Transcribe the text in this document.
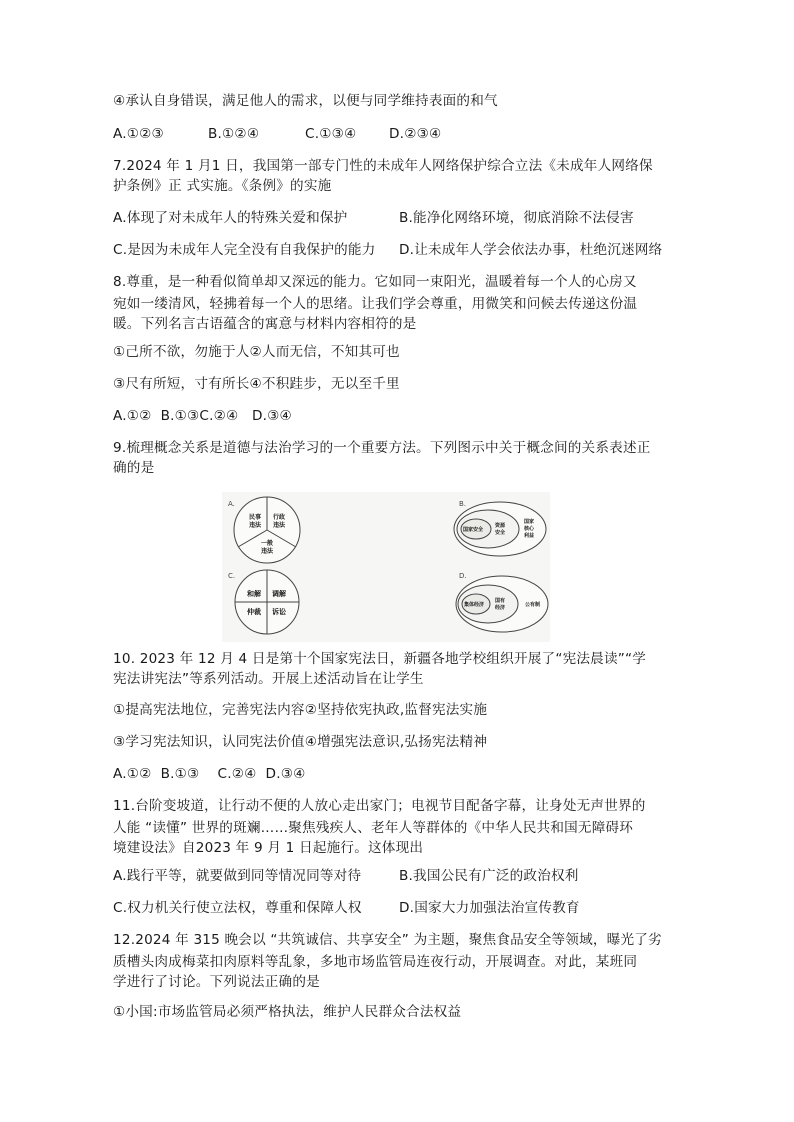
④承认自身错误，满足他人的需求，以便与同学维持表面的和气
A.①②③	B.①②④	C.①③④ D.②③④
7.2024 年 1 月1 日，我国第一部专门性的未成年人网络保护综合立法《未成年人网络保
护条例》正 式实施。《条例》的实施
A.体现了对未成年人的特殊关爱和保护	B.能净化网络环境，彻底消除不法侵害
C.是因为未成年人完全没有自我保护的能力 D.让未成年人学会依法办事，杜绝沉迷网络
8.尊重，是一种看似简单却又深远的能力。它如同一束阳光，温暖着每一个人的心房又
宛如一缕清风，轻拂着每一个人的思绪。让我们学会尊重，用微笑和问候去传递这份温
暖。下列名言古语蕴含的寓意与材料内容相符的是
①己所不欲，勿施于人②人而无信，不知其可也
③尺有所短，寸有所长④不积跬步，无以至千里
A.①②  B.①③C.②④   D.③④
9.梳理概念关系是道德与法治学习的一个重要方法。下列图示中关于概念间的关系表述正
确的是
A.
民事
违法
行政
违法
一般
违法
B.
国家安全
资源
安全
国家
核心
利益
C.
和解 调解
仲裁 诉讼
D.
集体经济
国有
经济	公有制
10. 2023 年 12 月 4 日是第十个国家宪法日，新疆各地学校组织开展了“宪法晨读”“学
宪法讲宪法”等系列活动。开展上述活动旨在让学生
①提高宪法地位，完善宪法内容②坚持依宪执政,监督宪法实施
③学习宪法知识，认同宪法价值④增强宪法意识,弘扬宪法精神
A.①②  B.①③    C.②④  D.③④
11.台阶变坡道，让行动不便的人放心走出家门；电视节目配备字幕，让身处无声世界的
人能 “读懂” 世界的斑斓……聚焦残疾人、老年人等群体的《中华人民共和国无障碍环
境建设法》自2023 年 9 月 1 日起施行。这体现出
A.践行平等，就要做到同等情况同等对待	B.我国公民有广泛的政治权利
C.权力机关行使立法权，尊重和保障人权	D.国家大力加强法治宣传教育
12.2024 年 315 晚会以 “共筑诚信、共享安全” 为主题，聚焦食品安全等领域，曝光了劣
质槽头肉成梅菜扣肉原料等乱象，多地市场监管局连夜行动，开展调查。对此，某班同
学进行了讨论。下列说法正确的是
①小国:市场监管局必须严格执法，维护人民群众合法权益
